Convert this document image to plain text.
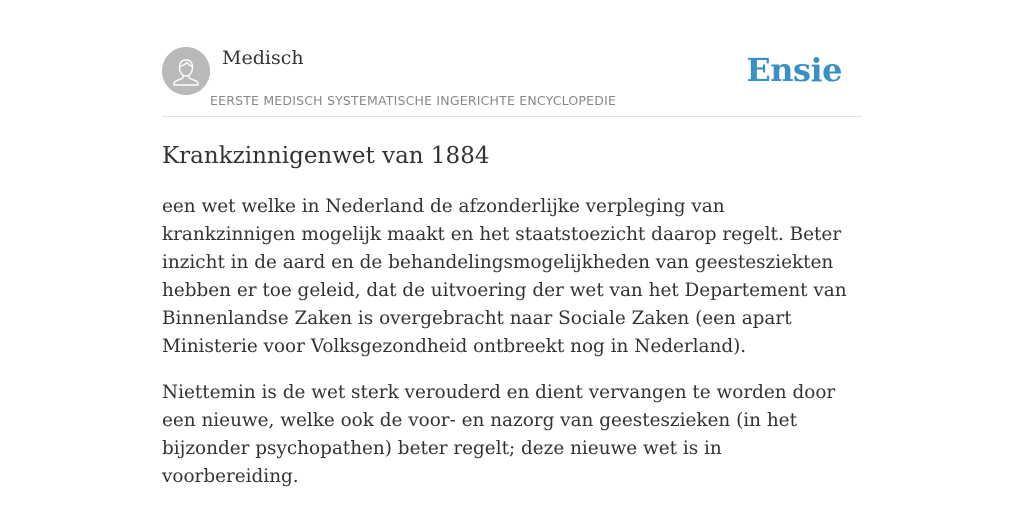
Medisch
EERSTE MEDISCH SYSTEMATISCHE INGERICHTE ENCYCLOPEDIE
Ensie
Krankzinnigenwet van 1884

een wet welke in Nederland de afzonderlijke verpleging van krankzinnigen mogelijk maakt en het staatstoezicht daarop regelt. Beter inzicht in de aard en de behandelingsmogelijkheden van geestesziekten hebben er toe geleid, dat de uitvoering der wet van het Departement van Binnenlandse Zaken is overgebracht naar Sociale Zaken (een apart Ministerie voor Volksgezondheid ontbreekt nog in Nederland).

Niettemin is de wet sterk verouderd en dient vervangen te worden door een nieuwe, welke ook de voor- en nazorg van geesteszieken (in het bijzonder psychopathen) beter regelt; deze nieuwe wet is in voorbereiding.
